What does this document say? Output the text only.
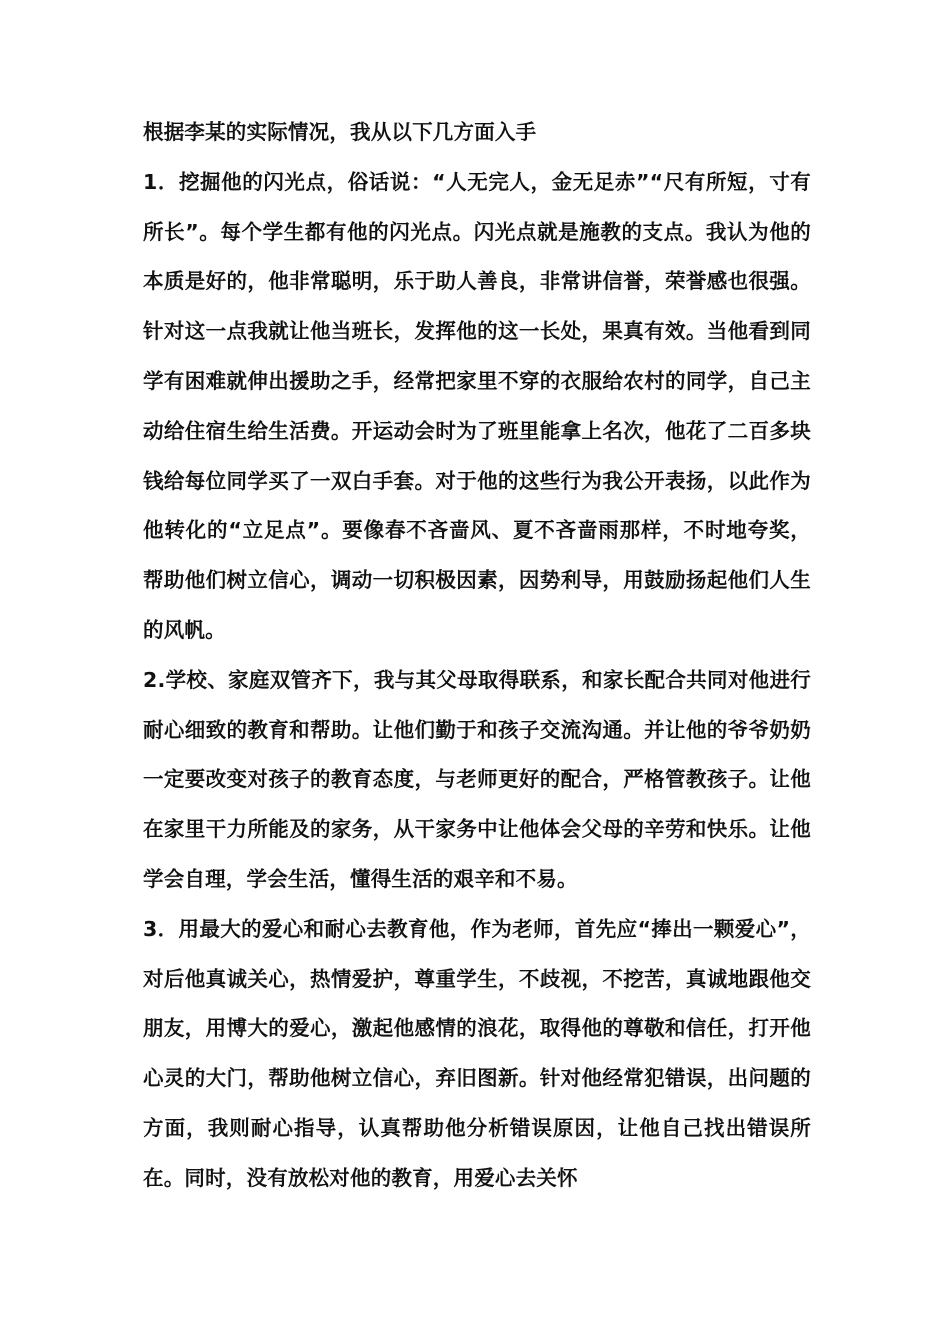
根据李某的实际情况，我从以下几方面入手

1．挖掘他的闪光点，俗话说：“人无完人，金无足赤”“尺有所短，寸有所长”。每个学生都有他的闪光点。闪光点就是施教的支点。我认为他的本质是好的，他非常聪明，乐于助人善良，非常讲信誉，荣誉感也很强。针对这一点我就让他当班长，发挥他的这一长处，果真有效。当他看到同学有困难就伸出援助之手，经常把家里不穿的衣服给农村的同学，自己主动给住宿生给生活费。开运动会时为了班里能拿上名次，他花了二百多块钱给每位同学买了一双白手套。对于他的这些行为我公开表扬，以此作为他转化的“立足点”。要像春不吝啬风、夏不吝啬雨那样，不时地夸奖，帮助他们树立信心，调动一切积极因素，因势利导，用鼓励扬起他们人生的风帆。

2.学校、家庭双管齐下，我与其父母取得联系，和家长配合共同对他进行耐心细致的教育和帮助。让他们勤于和孩子交流沟通。并让他的爷爷奶奶一定要改变对孩子的教育态度，与老师更好的配合，严格管教孩子。让他在家里干力所能及的家务，从干家务中让他体会父母的辛劳和快乐。让他学会自理，学会生活，懂得生活的艰辛和不易。

3．用最大的爱心和耐心去教育他，作为老师，首先应“捧出一颗爱心”，对后他真诚关心，热情爱护，尊重学生，不歧视，不挖苦，真诚地跟他交朋友，用博大的爱心，激起他感情的浪花，取得他的尊敬和信任，打开他心灵的大门，帮助他树立信心，弃旧图新。针对他经常犯错误，出问题的方面，我则耐心指导，认真帮助他分析错误原因，让他自己找出错误所在。同时，没有放松对他的教育，用爱心去关怀
